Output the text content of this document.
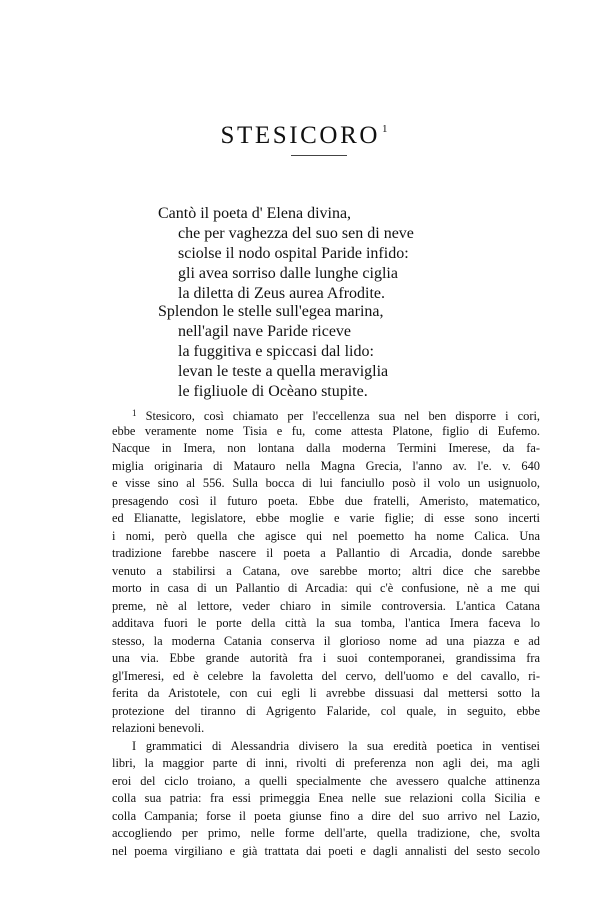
STESICORO $^1$
Cantò il poeta d' Elena divina,
che per vaghezza del suo sen di neve
sciolse il nodo ospital Paride infido:
gli avea sorriso dalle lunghe ciglia
la diletta di Zeus aurea Afrodite.
Splendon le stelle sull'egea marina,
nell'agil nave Paride riceve
la fuggitiva e spiccasi dal lido:
levan le teste a quella meraviglia
le figliuole di Ocèano stupite.
$^1$ Stesicoro, così chiamato per l'eccellenza sua nel ben disporre i cori,
ebbe veramente nome Tisia e fu, come attesta Platone, figlio di Eufemo.
Nacque in Imera, non lontana dalla moderna Termini Imerese, da fa-
miglia originaria di Matauro nella Magna Grecia, l'anno av. l'e. v. 640
e visse sino al 556. Sulla bocca di lui fanciullo posò il volo un usignuolo,
presagendo così il futuro poeta. Ebbe due fratelli, Ameristo, matematico,
ed Elianatte, legislatore, ebbe moglie e varie figlie; di esse sono incerti
i nomi, però quella che agisce qui nel poemetto ha nome Calica. Una
tradizione farebbe nascere il poeta a Pallantio di Arcadia, donde sarebbe
venuto a stabilirsi a Catana, ove sarebbe morto; altri dice che sarebbe
morto in casa di un Pallantio di Arcadia: qui c'è confusione, nè a me qui
preme, nè al lettore, veder chiaro in simile controversia. L'antica Catana
additava fuori le porte della città la sua tomba, l'antica Imera faceva lo
stesso, la moderna Catania conserva il glorioso nome ad una piazza e ad
una via. Ebbe grande autorità fra i suoi contemporanei, grandissima fra
gl'Imeresi, ed è celebre la favoletta del cervo, dell'uomo e del cavallo, ri-
ferita da Aristotele, con cui egli li avrebbe dissuasi dal mettersi sotto la
protezione del tiranno di Agrigento Falaride, col quale, in seguito, ebbe
relazioni benevoli.
I grammatici di Alessandria divisero la sua eredità poetica in ventisei
libri, la maggior parte di inni, rivolti di preferenza non agli dei, ma agli
eroi del ciclo troiano, a quelli specialmente che avessero qualche attinenza
colla sua patria: fra essi primeggia Enea nelle sue relazioni colla Sicilia e
colla Campania; forse il poeta giunse fino a dire del suo arrivo nel Lazio,
accogliendo per primo, nelle forme dell'arte, quella tradizione, che, svolta
nel poema virgiliano e già trattata dai poeti e dagli annalisti del sesto secolo
